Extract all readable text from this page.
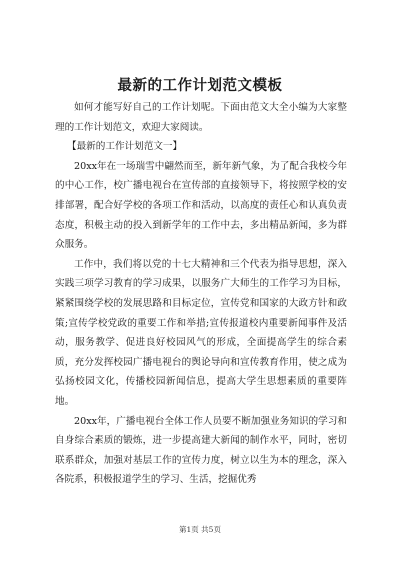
最新的工作计划范文模板

如何才能写好自己的工作计划呢。下面由范文大全小编为大家整理的工作计划范文，欢迎大家阅读。

【最新的工作计划范文一】

20xx年在一场瑞雪中翩然而至，新年新气象，为了配合我校今年的中心工作，校广播电视台在宣传部的直接领导下，将按照学校的安排部署，配合好学校的各项工作和活动，以高度的责任心和认真负责态度，积极主动的投入到新学年的工作中去，多出精品新闻，多为群众服务。

工作中，我们将以党的十七大精神和三个代表为指导思想，深入实践三项学习教育的学习成果，以服务广大师生的工作学习为目标，紧紧围绕学校的发展思路和目标定位，宣传党和国家的大政方针和政策;宣传学校党政的重要工作和举措;宣传报道校内重要新闻事件及活动，服务教学、促进良好校园风气的形成，全面提高学生的综合素质，充分发挥校园广播电视台的舆论导向和宣传教育作用，使之成为弘扬校园文化，传播校园新闻信息，提高大学生思想素质的重要阵地。

20xx年，广播电视台全体工作人员要不断加强业务知识的学习和自身综合素质的锻炼，进一步提高建大新闻的制作水平，同时，密切联系群众，加强对基层工作的宣传力度，树立以生为本的理念，深入各院系，积极报道学生的学习、生活，挖掘优秀

第1页 共5页
